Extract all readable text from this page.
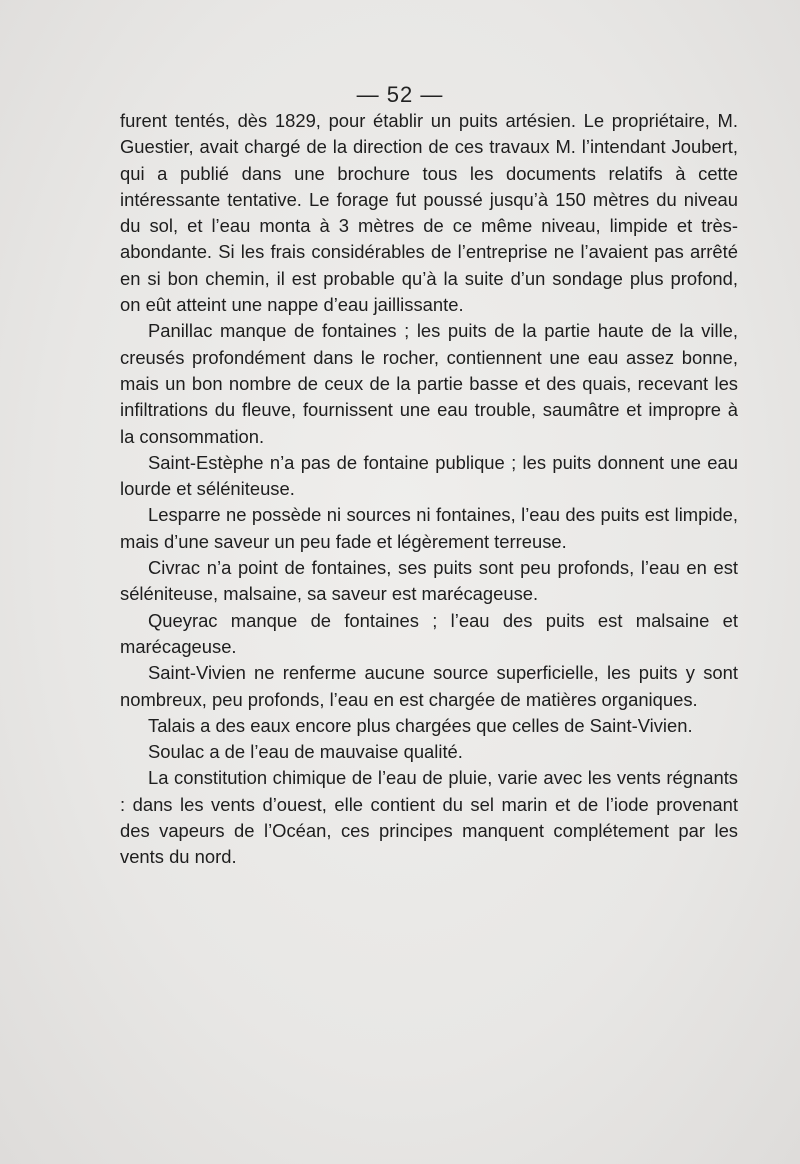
— 52 —

furent tentés, dès 1829, pour établir un puits artésien. Le propriétaire, M. Guestier, avait chargé de la direction de ces travaux M. l’intendant Joubert, qui a publié dans une brochure tous les documents relatifs à cette intéressante tentative. Le forage fut poussé jusqu’à 150 mètres du niveau du sol, et l’eau monta à 3 mètres de ce même niveau, limpide et très-abondante. Si les frais considérables de l’entreprise ne l’avaient pas arrêté en si bon chemin, il est probable qu’à la suite d’un sondage plus profond, on eût atteint une nappe d’eau jaillissante.

Panillac manque de fontaines ; les puits de la partie haute de la ville, creusés profondément dans le rocher, contiennent une eau assez bonne, mais un bon nombre de ceux de la partie basse et des quais, recevant les infiltrations du fleuve, fournissent une eau trouble, saumâtre et impropre à la consommation.

Saint-Estèphe n’a pas de fontaine publique ; les puits donnent une eau lourde et séléniteuse.

Lesparre ne possède ni sources ni fontaines, l’eau des puits est limpide, mais d’une saveur un peu fade et légèrement terreuse.

Civrac n’a point de fontaines, ses puits sont peu profonds, l’eau en est séléniteuse, malsaine, sa saveur est marécageuse.

Queyrac manque de fontaines ; l’eau des puits est malsaine et marécageuse.

Saint-Vivien ne renferme aucune source superficielle, les puits y sont nombreux, peu profonds, l’eau en est chargée de matières organiques.

Talais a des eaux encore plus chargées que celles de Saint-Vivien.

Soulac a de l’eau de mauvaise qualité.

La constitution chimique de l’eau de pluie, varie avec les vents régnants : dans les vents d’ouest, elle contient du sel marin et de l’iode provenant des vapeurs de l’Océan, ces principes manquent complétement par les vents du nord.
